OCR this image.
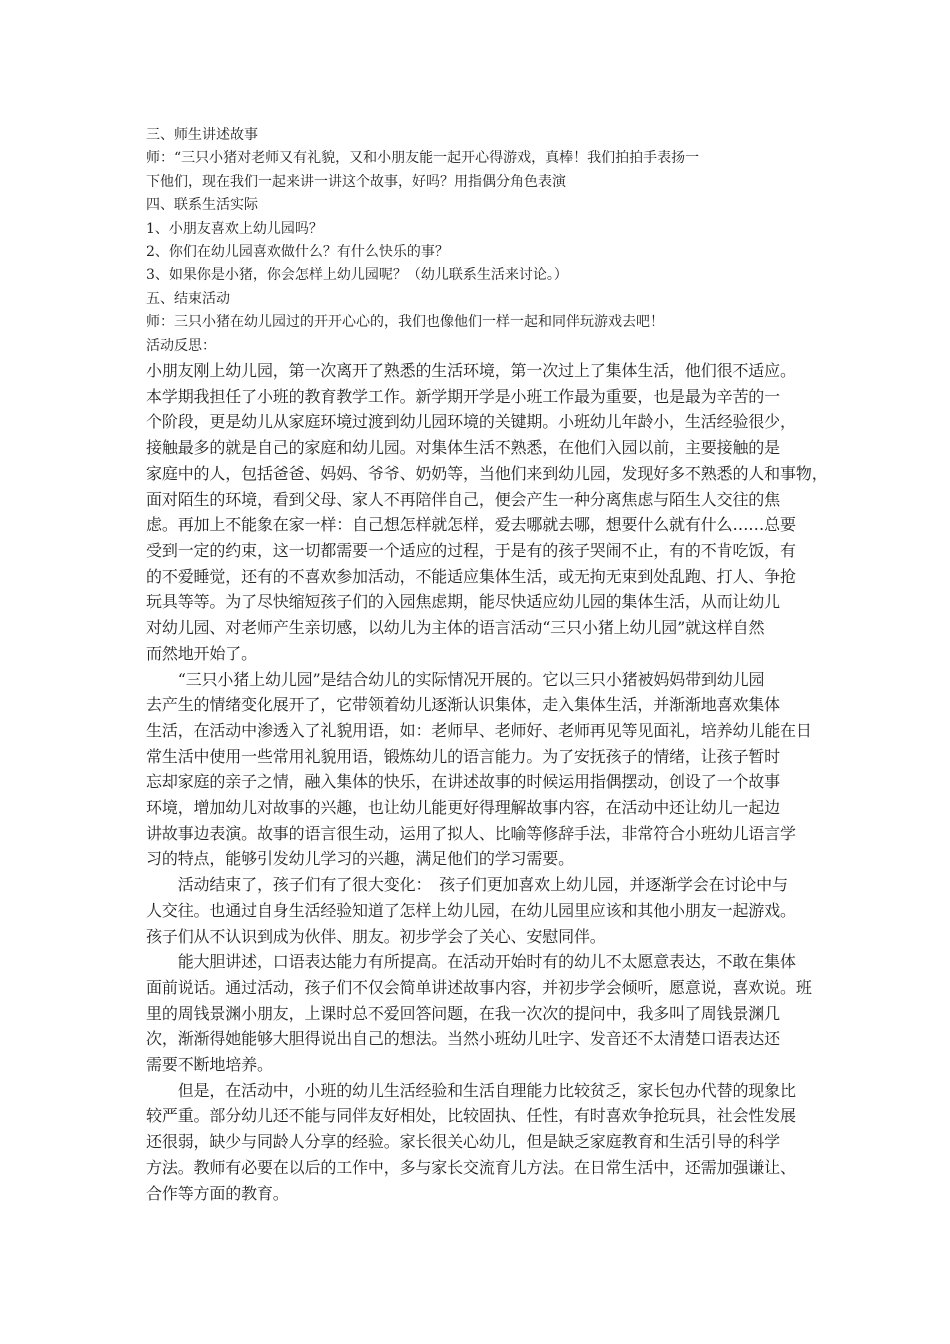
三、师生讲述故事
师：“三只小猪对老师又有礼貌，又和小朋友能一起开心得游戏，真棒！我们拍拍手表扬一
下他们，现在我们一起来讲一讲这个故事，好吗？用指偶分角色表演
四、联系生活实际
1、小朋友喜欢上幼儿园吗？
2、你们在幼儿园喜欢做什么？有什么快乐的事？
3、如果你是小猪，你会怎样上幼儿园呢？（幼儿联系生活来讨论。）
五、结束活动
师：三只小猪在幼儿园过的开开心心的，我们也像他们一样一起和同伴玩游戏去吧！
活动反思：
小朋友刚上幼儿园，第一次离开了熟悉的生活环境，第一次过上了集体生活，他们很不适应。
本学期我担任了小班的教育教学工作。新学期开学是小班工作最为重要，也是最为辛苦的一
个阶段，更是幼儿从家庭环境过渡到幼儿园环境的关键期。小班幼儿年龄小，生活经验很少，
接触最多的就是自己的家庭和幼儿园。对集体生活不熟悉，在他们入园以前，主要接触的是
家庭中的人，包括爸爸、妈妈、爷爷、奶奶等，当他们来到幼儿园，发现好多不熟悉的人和事物，
面对陌生的环境，看到父母、家人不再陪伴自己，便会产生一种分离焦虑与陌生人交往的焦
虑。再加上不能象在家一样：自己想怎样就怎样，爱去哪就去哪，想要什么就有什么……总要
受到一定的约束，这一切都需要一个适应的过程，于是有的孩子哭闹不止，有的不肯吃饭，有
的不爱睡觉，还有的不喜欢参加活动，不能适应集体生活，或无拘无束到处乱跑、打人、争抢
玩具等等。为了尽快缩短孩子们的入园焦虑期，能尽快适应幼儿园的集体生活，从而让幼儿
对幼儿园、对老师产生亲切感，以幼儿为主体的语言活动“三只小猪上幼儿园”就这样自然
而然地开始了。
　　“三只小猪上幼儿园”是结合幼儿的实际情况开展的。它以三只小猪被妈妈带到幼儿园
去产生的情绪变化展开了，它带领着幼儿逐渐认识集体，走入集体生活，并渐渐地喜欢集体
生活，在活动中渗透入了礼貌用语，如：老师早、老师好、老师再见等见面礼，培养幼儿能在日
常生活中使用一些常用礼貌用语，锻炼幼儿的语言能力。为了安抚孩子的情绪，让孩子暂时
忘却家庭的亲子之情，融入集体的快乐，在讲述故事的时候运用指偶摆动，创设了一个故事
环境，增加幼儿对故事的兴趣，也让幼儿能更好得理解故事内容，在活动中还让幼儿一起边
讲故事边表演。故事的语言很生动，运用了拟人、比喻等修辞手法，非常符合小班幼儿语言学
习的特点，能够引发幼儿学习的兴趣，满足他们的学习需要。
　　活动结束了，孩子们有了很大变化：　孩子们更加喜欢上幼儿园，并逐渐学会在讨论中与
人交往。也通过自身生活经验知道了怎样上幼儿园，在幼儿园里应该和其他小朋友一起游戏。
孩子们从不认识到成为伙伴、朋友。初步学会了关心、安慰同伴。
　　能大胆讲述，口语表达能力有所提高。在活动开始时有的幼儿不太愿意表达，不敢在集体
面前说话。通过活动，孩子们不仅会简单讲述故事内容，并初步学会倾听，愿意说，喜欢说。班
里的周钱景渊小朋友，上课时总不爱回答问题，在我一次次的提问中，我多叫了周钱景渊几
次，渐渐得她能够大胆得说出自己的想法。当然小班幼儿吐字、发音还不太清楚口语表达还
需要不断地培养。
　　但是，在活动中，小班的幼儿生活经验和生活自理能力比较贫乏，家长包办代替的现象比
较严重。部分幼儿还不能与同伴友好相处，比较固执、任性，有时喜欢争抢玩具，社会性发展
还很弱，缺少与同龄人分享的经验。家长很关心幼儿，但是缺乏家庭教育和生活引导的科学
方法。教师有必要在以后的工作中，多与家长交流育儿方法。在日常生活中，还需加强谦让、
合作等方面的教育。
